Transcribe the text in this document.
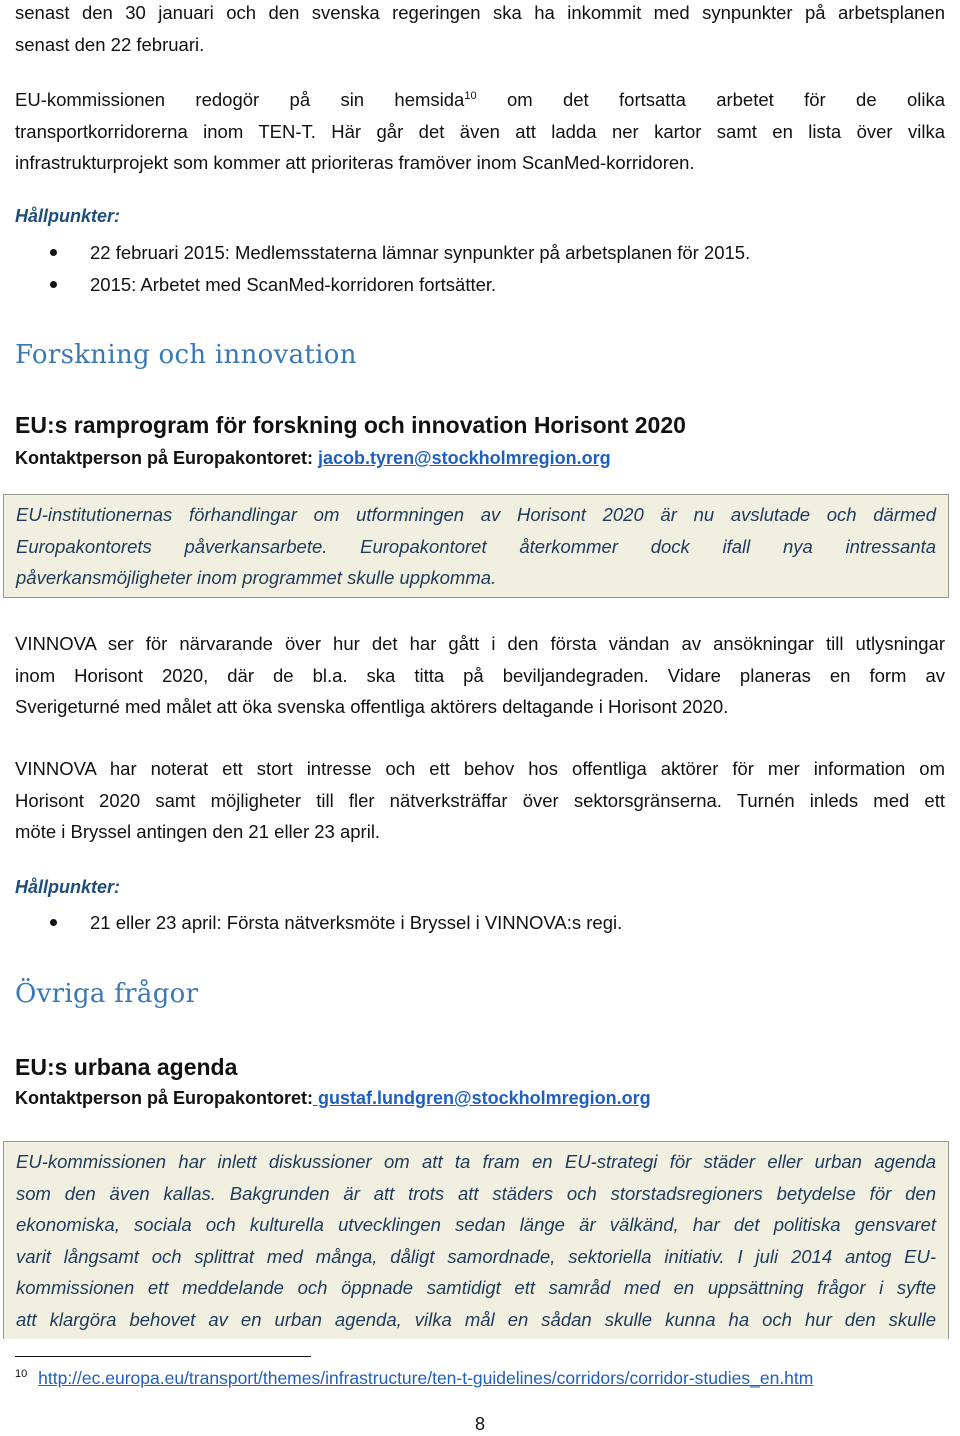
senast den 30 januari och den svenska regeringen ska ha inkommit med synpunkter på arbetsplanen
senast den 22 februari.
EU-kommissionen redogör på sin hemsida$^{10}$ om det fortsatta arbetet för de olika
transportkorridorerna inom TEN-T. Här går det även att ladda ner kartor samt en lista över vilka
infrastrukturprojekt som kommer att prioriteras framöver inom ScanMed-korridoren.
Hållpunkter:
22 februari 2015: Medlemsstaterna lämnar synpunkter på arbetsplanen för 2015.
2015: Arbetet med ScanMed-korridoren fortsätter.
Forskning och innovation
EU:s ramprogram för forskning och innovation Horisont 2020
Kontaktperson på Europakontoret: jacob.tyren@stockholmregion.org
EU-institutionernas förhandlingar om utformningen av Horisont 2020 är nu avslutade och därmed
Europakontorets påverkansarbete. Europakontoret återkommer dock ifall nya intressanta
påverkansmöjligheter inom programmet skulle uppkomma.
VINNOVA ser för närvarande över hur det har gått i den första vändan av ansökningar till utlysningar
inom Horisont 2020, där de bl.a. ska titta på beviljandegraden. Vidare planeras en form av
Sverigeturné med målet att öka svenska offentliga aktörers deltagande i Horisont 2020.
VINNOVA har noterat ett stort intresse och ett behov hos offentliga aktörer för mer information om
Horisont 2020 samt möjligheter till fler nätverksträffar över sektorsgränserna. Turnén inleds med ett
möte i Bryssel antingen den 21 eller 23 april.
Hållpunkter:
21 eller 23 april: Första nätverksmöte i Bryssel i VINNOVA:s regi.
Övriga frågor
EU:s urbana agenda
Kontaktperson på Europakontoret: gustaf.lundgren@stockholmregion.org
EU-kommissionen har inlett diskussioner om att ta fram en EU-strategi för städer eller urban agenda
som den även kallas. Bakgrunden är att trots att städers och storstadsregioners betydelse för den
ekonomiska, sociala och kulturella utvecklingen sedan länge är välkänd, har det politiska gensvaret
varit långsamt och splittrat med många, dåligt samordnade, sektoriella initiativ. I juli 2014 antog EU-
kommissionen ett meddelande och öppnade samtidigt ett samråd med en uppsättning frågor i syfte
att klargöra behovet av en urban agenda, vilka mål en sådan skulle kunna ha och hur den skulle
$^{10}$ http://ec.europa.eu/transport/themes/infrastructure/ten-t-guidelines/corridors/corridor-studies_en.htm
8
